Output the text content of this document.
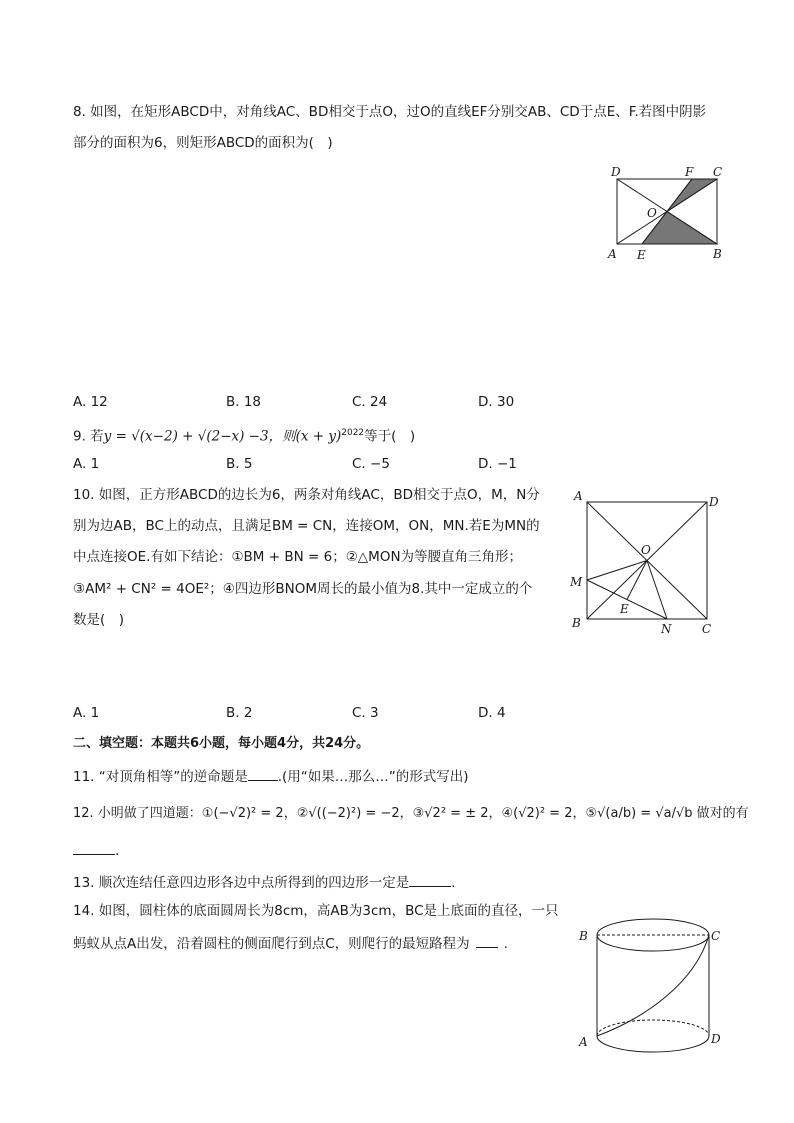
8. 如图，在矩形ABCD中，对角线AC、BD相交于点O，过O的直线EF分别交AB、CD于点E、F.若图中阴影
部分的面积为6，则矩形ABCD的面积为(　)
D	F C
O
A E	B
A. 12	B. 18	C. 24	D. 30
9. 若y = √(x−2) + √(2−x) −3，则$(x + y)^{2022}$等于(　)
A. 1	B. 5	C. −5	D. −1
10. 如图，正方形ABCD的边长为6，两条对角线AC，BD相交于点O，M，N分
别为边AB，BC上的动点，且满足BM = CN，连接OM，ON，MN.若E为MN的
中点连接OE.有如下结论：①BM + BN = 6；②△MON为等腰直角三角形；
③AM² + CN² = 4OE²；④四边形BNOM周长的最小值为8.其中一定成立的个
数是(　)
A	D
O
M
E
B	N	C
A. 1	B. 2	C. 3	D. 4
二、填空题：本题共6小题，每小题4分，共24分。
11. “对顶角相等”的逆命题是 .(用“如果…那么…”的形式写出)
12. 小明做了四道题：①(−√2)² = 2，②√((−2)²) = −2，③√2² = ± 2，④(√2)² = 2，⑤√(a/b) = √a/√b 做对的有
.
13. 顺次连结任意四边形各边中点所得到的四边形一定是	.
14. 如图，圆柱体的底面圆周长为8cm，高AB为3cm，BC是上底面的直径，一只
蚂蚁从点A出发，沿着圆柱的侧面爬行到点C，则爬行的最短路程为	.	B	C
A	D
